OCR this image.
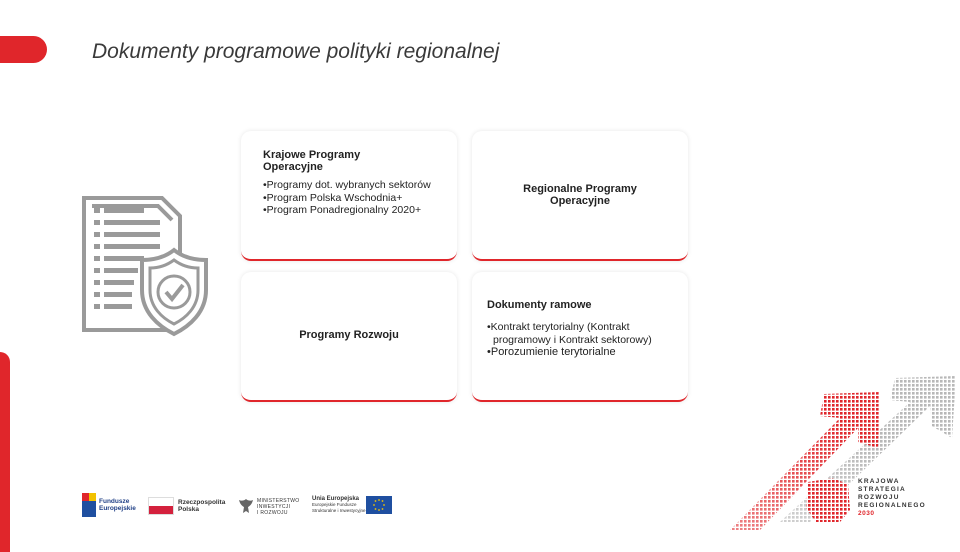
Dokumenty programowe polityki regionalnej
Krajowe Programy Operacyjne
•Programy dot. wybranych sektorów
•Program Polska Wschodnia+
•Program Ponadregionalny 2020+
Regionalne Programy Operacyjne
Programy Rozwoju
Dokumenty ramowe
•Kontrakt terytorialny (Kontrakt programowy i Kontrakt sektorowy)
•Porozumienie terytorialne
Fundusze
Europejskie
Rzeczpospolita
Polska
MINISTERSTWO
INWESTYCJI
I ROZWOJU
Unia Europejska
Europejskie Fundusze
Strukturalne i Inwestycyjne
KRAJOWA
STRATEGIA
ROZWOJU
REGIONALNEGO
2030
